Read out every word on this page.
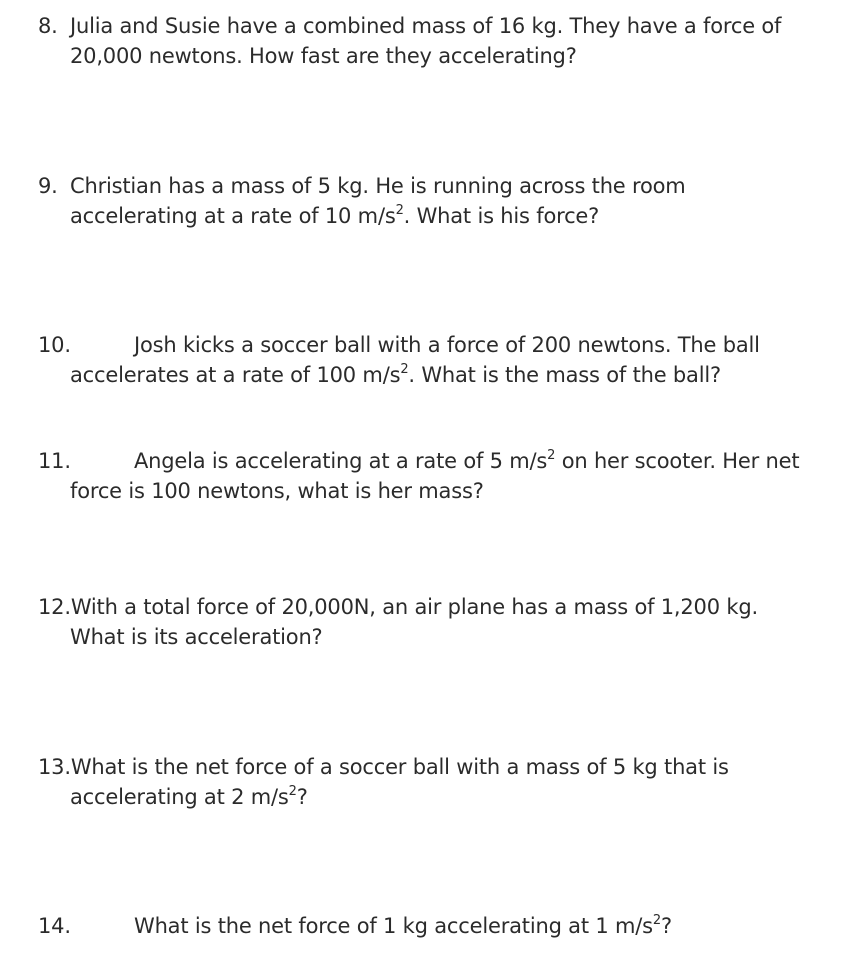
8. Julia and Susie have a combined mass of 16 kg. They have a force of
20,000 newtons. How fast are they accelerating?
9. Christian has a mass of 5 kg. He is running across the room
accelerating at a rate of 10 $m/s^2$. What is his force?
10.	Josh kicks a soccer ball with a force of 200 newtons. The ball
accelerates at a rate of 100 $m/s^2$. What is the mass of the ball?
11.	Angela is accelerating at a rate of 5 $m/s^2$ on her scooter. Her net
force is 100 newtons, what is her mass?
12.With a total force of 20,000N, an air plane has a mass of 1,200 kg.
What is its acceleration?
13.What is the net force of a soccer ball with a mass of 5 kg that is
accelerating at 2 $m/s^2$?
14.	What is the net force of 1 kg accelerating at 1 $m/s^2$?
